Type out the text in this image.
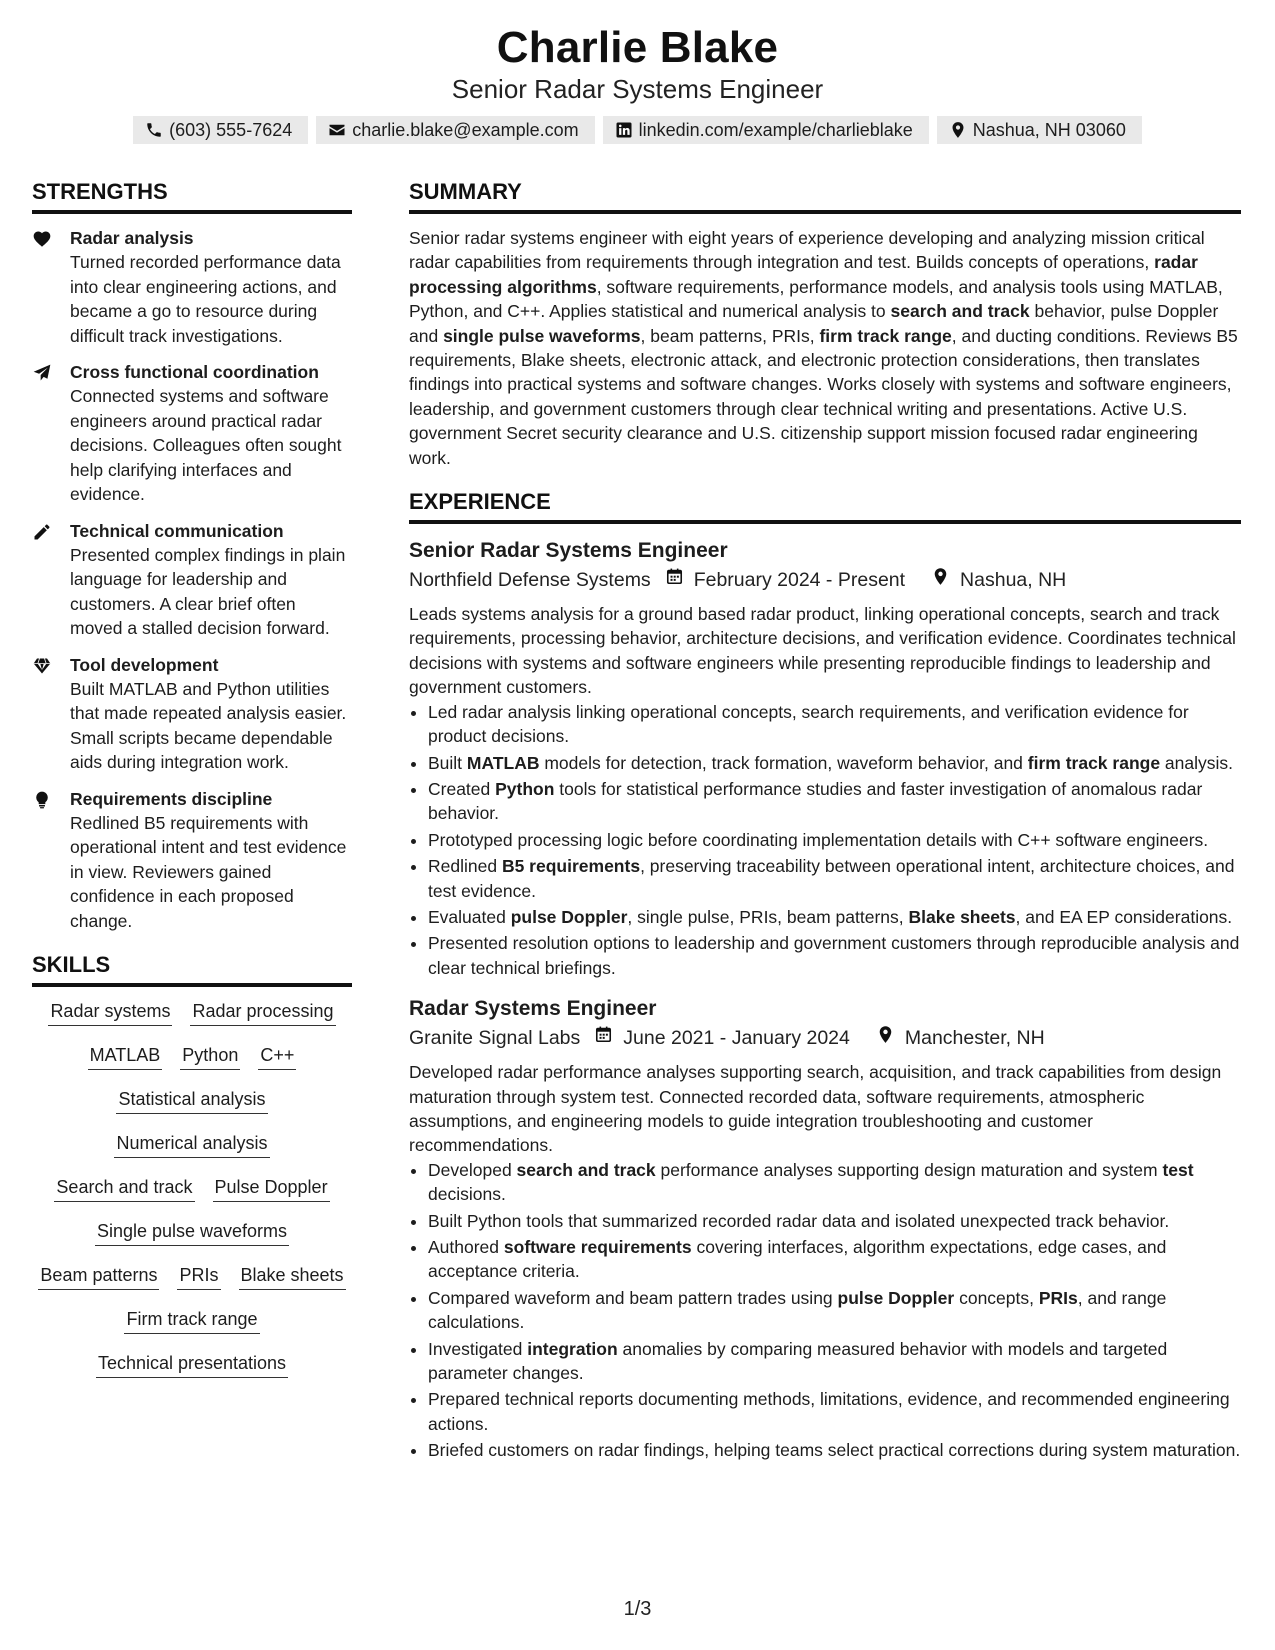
Charlie Blake
Senior Radar Systems Engineer
(603) 555-7624	charlie.blake@example.com	linkedin.com/example/charlieblake	Nashua, NH 03060
STRENGTHS
Radar analysis
Turned recorded performance data into clear engineering actions, and became a go to resource during difficult track investigations.
Cross functional coordination
Connected systems and software engineers around practical radar decisions. Colleagues often sought help clarifying interfaces and evidence.
Technical communication
Presented complex findings in plain language for leadership and customers. A clear brief often moved a stalled decision forward.
Tool development
Built MATLAB and Python utilities that made repeated analysis easier. Small scripts became dependable aids during integration work.
Requirements discipline
Redlined B5 requirements with operational intent and test evidence in view. Reviewers gained confidence in each proposed change.
SKILLS
Radar systems Radar processing
MATLAB Python C++
Statistical analysis
Numerical analysis
Search and track Pulse Doppler
Single pulse waveforms
Beam patterns PRIs Blake sheets
Firm track range
Technical presentations
SUMMARY

Senior radar systems engineer with eight years of experience developing and analyzing mission critical radar capabilities from requirements through integration and test. Builds concepts of operations, radar processing algorithms, software requirements, performance models, and analysis tools using MATLAB, Python, and C++. Applies statistical and numerical analysis to search and track behavior, pulse Doppler and single pulse waveforms, beam patterns, PRIs, firm track range, and ducting conditions. Reviews B5 requirements, Blake sheets, electronic attack, and electronic protection considerations, then translates findings into practical systems and software changes. Works closely with systems and software engineers, leadership, and government customers through clear technical writing and presentations. Active U.S. government Secret security clearance and U.S. citizenship support mission focused radar engineering work.

EXPERIENCE
Senior Radar Systems Engineer
Northfield Defense Systems February 2024 - Present	Nashua, NH

Leads systems analysis for a ground based radar product, linking operational concepts, search and track requirements, processing behavior, architecture decisions, and verification evidence. Coordinates technical decisions with systems and software engineers while presenting reproducible findings to leadership and government customers.

• Led radar analysis linking operational concepts, search requirements, and verification evidence for product decisions.
• Built MATLAB models for detection, track formation, waveform behavior, and firm track range analysis.
• Created Python tools for statistical performance studies and faster investigation of anomalous radar behavior.
• Prototyped processing logic before coordinating implementation details with C++ software engineers.
• Redlined B5 requirements, preserving traceability between operational intent, architecture choices, and test evidence.
• Evaluated pulse Doppler, single pulse, PRIs, beam patterns, Blake sheets, and EA EP considerations.
• Presented resolution options to leadership and government customers through reproducible analysis and clear technical briefings.
Radar Systems Engineer
Granite Signal Labs June 2021 - January 2024	Manchester, NH

Developed radar performance analyses supporting search, acquisition, and track capabilities from design maturation through system test. Connected recorded data, software requirements, atmospheric assumptions, and engineering models to guide integration troubleshooting and customer recommendations.

• Developed search and track performance analyses supporting design maturation and system test decisions.
• Built Python tools that summarized recorded radar data and isolated unexpected track behavior.
• Authored software requirements covering interfaces, algorithm expectations, edge cases, and acceptance criteria.
• Compared waveform and beam pattern trades using pulse Doppler concepts, PRIs, and range calculations.
• Investigated integration anomalies by comparing measured behavior with models and targeted parameter changes.
• Prepared technical reports documenting methods, limitations, evidence, and recommended engineering actions.
• Briefed customers on radar findings, helping teams select practical corrections during system maturation.
1/3
